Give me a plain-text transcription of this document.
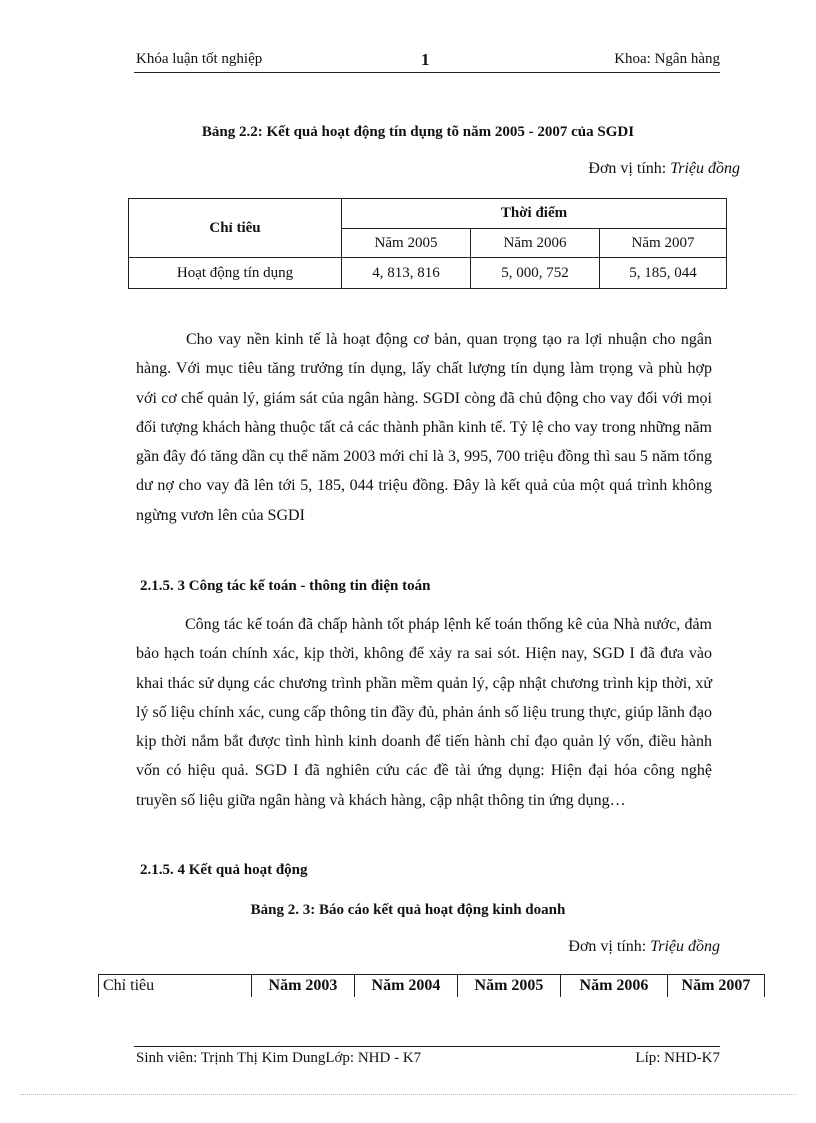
Khóa luận tốt nghiệp	1	Khoa: Ngân hàng
Bảng 2.2: Kết quả hoạt động tín dụng tõ năm 2005 - 2007 của SGDI
Đơn vị tính: Triệu đồng
Chỉ tiêu	Thời điểm		
	Năm 2005	Năm 2006	Năm 2007
Hoạt động tín dụng	4, 813, 816	5, 000, 752	5, 185, 044

Cho vay nền kinh tế là hoạt động cơ bản, quan trọng tạo ra lợi nhuận cho ngân hàng. Với mục tiêu tăng trưởng tín dụng, lấy chất lượng tín dụng làm trọng và phù hợp với cơ chế quản lý, giám sát của ngân hàng. SGDI còng đã chủ động cho vay đối với mọi đối tượng khách hàng thuộc tất cả các thành phần kinh tế. Tỷ lệ cho vay trong những năm gần đây đó tăng dần cụ thể năm 2003 mới chỉ là 3, 995, 700 triệu đồng thì sau 5 năm tổng dư nợ cho vay đã lên tới 5, 185, 044 triệu đồng. Đây là kết quả của một quá trình không ngừng vươn lên của SGDI

2.1.5. 3 Công tác kế toán - thông tin điện toán

Công tác kế toán đã chấp hành tốt pháp lệnh kế toán thống kê của Nhà nước, đảm bảo hạch toán chính xác, kịp thời, không để xảy ra sai sót. Hiện nay, SGD I đã đưa vào khai thác sử dụng các chương trình phần mềm quản lý, cập nhật chương trình kịp thời, xử lý số liệu chính xác, cung cấp thông tin đầy đủ, phản ánh số liệu trung thực, giúp lãnh đạo kịp thời nắm bắt được tình hình kinh doanh để tiến hành chỉ đạo quản lý vốn, điều hành vốn có hiệu quả. SGD I đã nghiên cứu các đề tài ứng dụng: Hiện đại hóa công nghệ truyền số liệu giữa ngân hàng và khách hàng, cập nhật thông tin ứng dụng…

2.1.5. 4 Kết quả hoạt động
Bảng 2. 3: Báo cáo kết quả hoạt động kinh doanh
Đơn vị tính: Triệu đồng
Chỉ tiêu	Năm 2003	Năm 2004	Năm 2005	Năm 2006	Năm 2007
Sinh viên: Trịnh Thị Kim DungLớp: NHD - K7	Líp: NHD-K7
